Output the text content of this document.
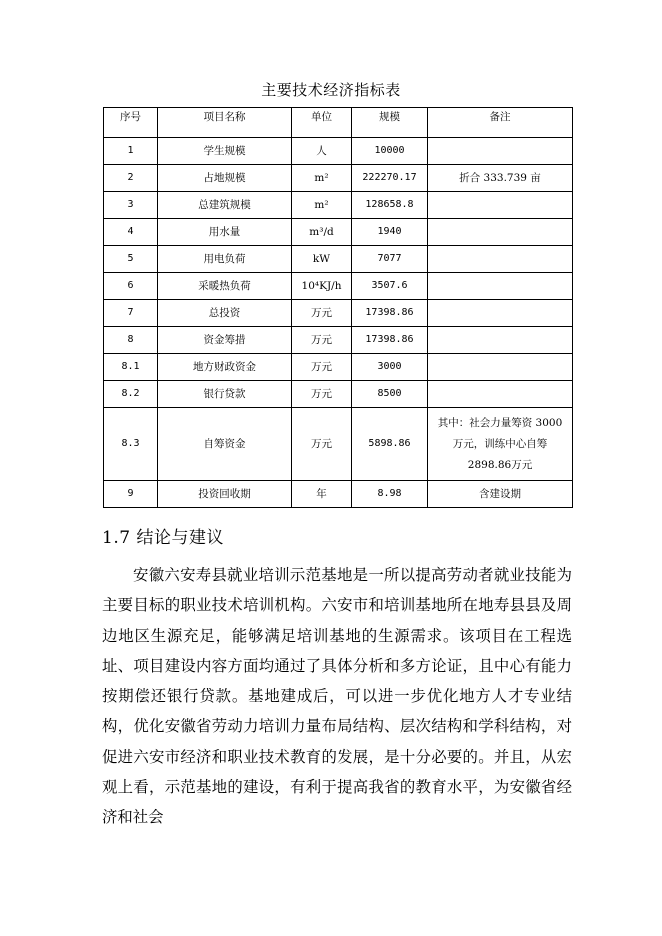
主要技术经济指标表
序号	项目名称	单位	规模	备注
1	学生规模	人	10000	
2	占地规模	m²	222270.17	折合 333.739 亩
3	总建筑规模	m²	128658.8	
4	用水量	m³/d	1940	
5	用电负荷	kW	7077	
6	采暖热负荷	10⁴KJ/h	3507.6	
7	总投资	万元	17398.86	
8	资金筹措	万元	17398.86	
8.1	地方财政资金	万元	3000	
8.2	银行贷款	万元	8500	
8.3	自筹资金	万元	5898.86	其中：社会力量筹资 3000 万元，训练中心自筹 2898.86万元
9	投资回收期	年	8.98	含建设期
1.7 结论与建议

安徽六安寿县就业培训示范基地是一所以提高劳动者就业技能为主要目标的职业技术培训机构。六安市和培训基地所在地寿县县及周边地区生源充足，能够满足培训基地的生源需求。该项目在工程选址、项目建设内容方面均通过了具体分析和多方论证，且中心有能力按期偿还银行贷款。基地建成后，可以进一步优化地方人才专业结构，优化安徽省劳动力培训力量布局结构、层次结构和学科结构，对促进六安市经济和职业技术教育的发展，是十分必要的。并且，从宏观上看，示范基地的建设，有利于提高我省的教育水平，为安徽省经济和社会
